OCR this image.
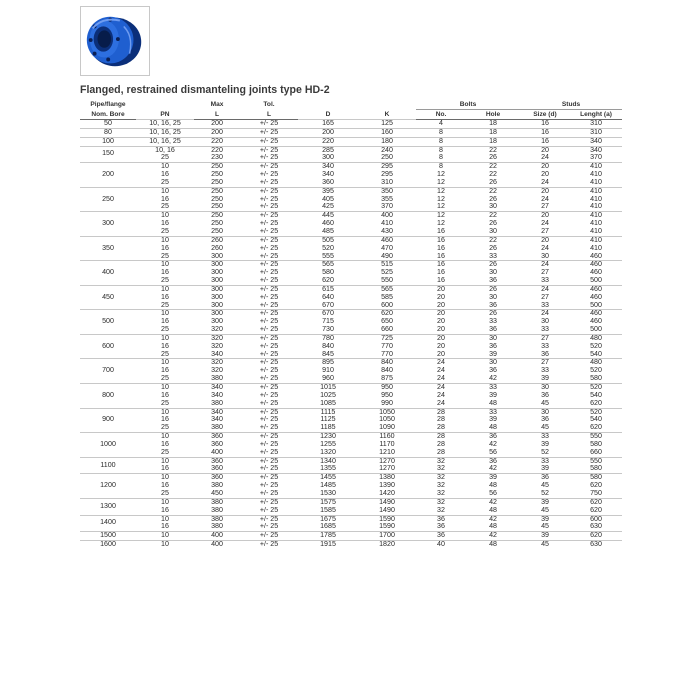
Flanged, restrained dismanteling joints type HD-2
Pipe/flange	PN	Max	Tol.	D	K	Bolts		Studs	
Nom. Bore		L	L			No.	Hole	Size (d)	Lenght (a)
50	10, 16, 25	200	+/- 25	165	125	4	18	16	310
80	10, 16, 25	200	+/- 25	200	160	8	18	16	310
100	10, 16, 25	220	+/- 25	220	180	8	18	16	340
150	10, 16	220	+/- 25	285	240	8	22	20	340
	25	230	+/- 25	300	250	8	26	24	370
200	10	250	+/- 25	340	295	8	22	20	410
	16	250	+/- 25	340	295	12	22	20	410
	25	250	+/- 25	360	310	12	26	24	410
250	10	250	+/- 25	395	350	12	22	20	410
	16	250	+/- 25	405	355	12	26	24	410
	25	250	+/- 25	425	370	12	30	27	410
300	10	250	+/- 25	445	400	12	22	20	410
	16	250	+/- 25	460	410	12	26	24	410
	25	250	+/- 25	485	430	16	30	27	410
350	10	260	+/- 25	505	460	16	22	20	410
	16	260	+/- 25	520	470	16	26	24	410
	25	300	+/- 25	555	490	16	33	30	460
400	10	300	+/- 25	565	515	16	26	24	460
	16	300	+/- 25	580	525	16	30	27	460
	25	300	+/- 25	620	550	16	36	33	500
450	10	300	+/- 25	615	565	20	26	24	460
	16	300	+/- 25	640	585	20	30	27	460
	25	300	+/- 25	670	600	20	36	33	500
500	10	300	+/- 25	670	620	20	26	24	460
	16	300	+/- 25	715	650	20	33	30	460
	25	320	+/- 25	730	660	20	36	33	500
600	10	320	+/- 25	780	725	20	30	27	480
	16	320	+/- 25	840	770	20	36	33	520
	25	340	+/- 25	845	770	20	39	36	540
700	10	320	+/- 25	895	840	24	30	27	480
	16	320	+/- 25	910	840	24	36	33	520
	25	380	+/- 25	960	875	24	42	39	580
800	10	340	+/- 25	1015	950	24	33	30	520
	16	340	+/- 25	1025	950	24	39	36	540
	25	380	+/- 25	1085	990	24	48	45	620
900	10	340	+/- 25	1115	1050	28	33	30	520
	16	340	+/- 25	1125	1050	28	39	36	540
	25	380	+/- 25	1185	1090	28	48	45	620
1000	10	360	+/- 25	1230	1160	28	36	33	550
	16	360	+/- 25	1255	1170	28	42	39	580
	25	400	+/- 25	1320	1210	28	56	52	660
1100	10	360	+/- 25	1340	1270	32	36	33	550
	16	360	+/- 25	1355	1270	32	42	39	580
1200	10	360	+/- 25	1455	1380	32	39	36	580
	16	380	+/- 25	1485	1390	32	48	45	620
	25	450	+/- 25	1530	1420	32	56	52	750
1300	10	380	+/- 25	1575	1490	32	42	39	620
	16	380	+/- 25	1585	1490	32	48	45	620
1400	10	380	+/- 25	1675	1590	36	42	39	600
	16	380	+/- 25	1685	1590	36	48	45	630
1500	10	400	+/- 25	1785	1700	36	42	39	620
1600	10	400	+/- 25	1915	1820	40	48	45	630
